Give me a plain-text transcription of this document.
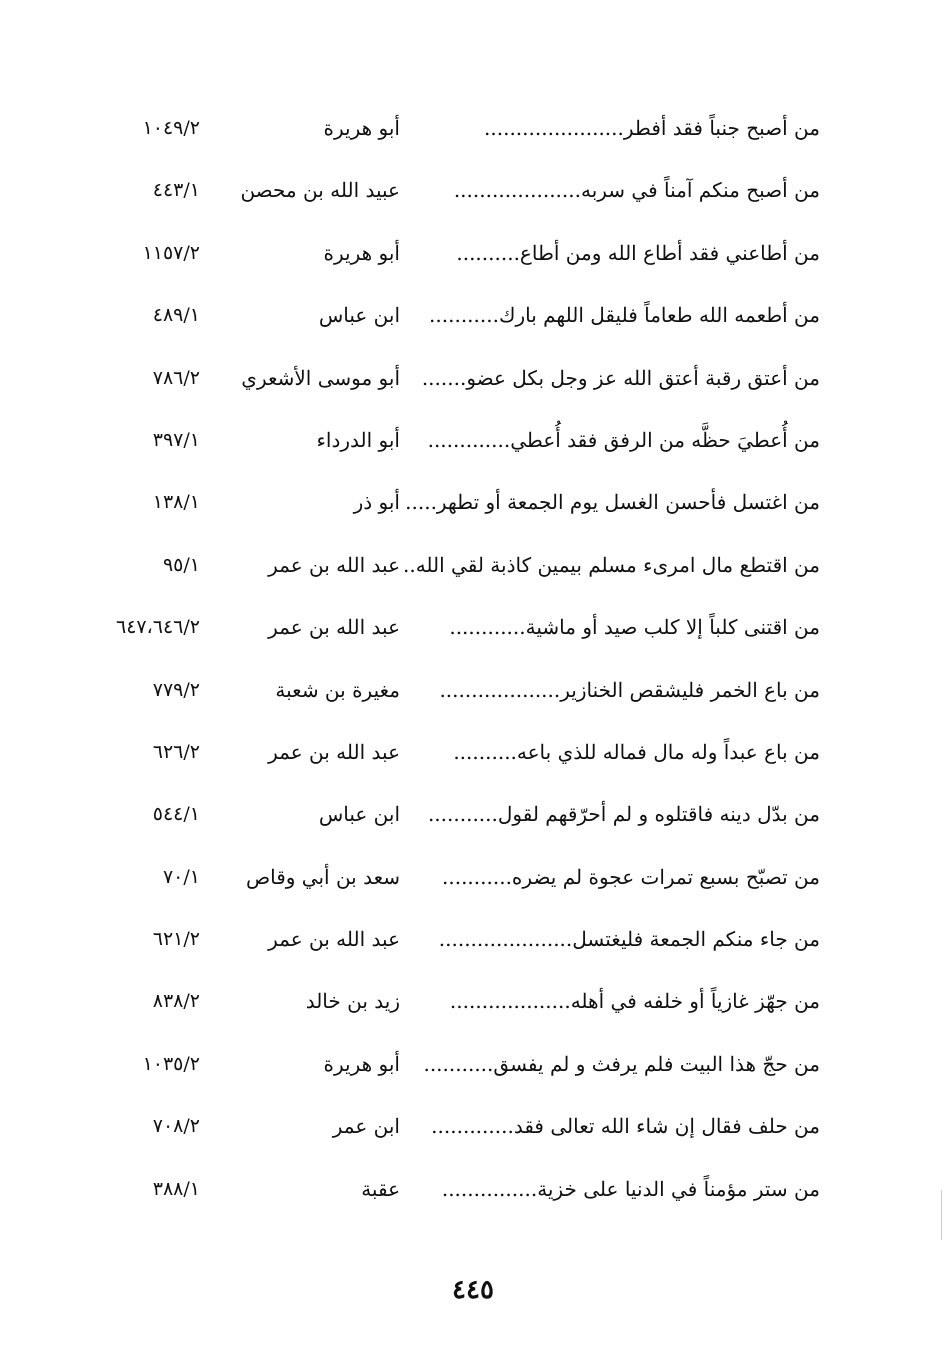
من أصبح جنباً فقد أفطر......................
أبو هريرة
١٠٤٩/٢
من أصبح منكم آمناً في سربه....................
عبيد الله بن محصن
٤٤٣/١
من أطاعني فقد أطاع الله ومن أطاع..........
أبو هريرة
١١٥٧/٢
من أطعمه الله طعاماً فليقل اللهم بارك...........
ابن عباس
٤٨٩/١
من أعتق رقبة أعتق الله عز وجل بكل عضو.......
أبو موسى الأشعري
٧٨٦/٢
من أُعطيَ حظَّه من الرفق فقد أُعطي.............
أبو الدرداء
٣٩٧/١
من اغتسل فأحسن الغسل يوم الجمعة أو تطهر.....
أبو ذر
١٣٨/١
من اقتطع مال امرىء مسلم بيمين كاذبة لقي الله..
عبد الله بن عمر
٩٥/١
من اقتنى كلباً إلا كلب صيد أو ماشية............
عبد الله بن عمر
٦٤٧،٦٤٦/٢
من باع الخمر فليشقص الخنازير...................
مغيرة بن شعبة
٧٧٩/٢
من باع عبداً وله مال فماله للذي باعه..........
عبد الله بن عمر
٦٢٦/٢
من بدّل دينه فاقتلوه و لم أحرّقهم لقول...........
ابن عباس
٥٤٤/١
من تصبّح بسبع تمرات عجوة لم يضره...........
سعد بن أبي وقاص
٧٠/١
من جاء منكم الجمعة فليغتسل.....................
عبد الله بن عمر
٦٢١/٢
من جهّز غازياً أو خلفه في أهله...................
زيد بن خالد
٨٣٨/٢
من حجّ هذا البيت فلم يرفث و لم يفسق...........
أبو هريرة
١٠٣٥/٢
من حلف فقال إن شاء الله تعالى فقد.............
ابن عمر
٧٠٨/٢
من ستر مؤمناً في الدنيا على خزية...............
عقبة
٣٨٨/١
٤٤٥
